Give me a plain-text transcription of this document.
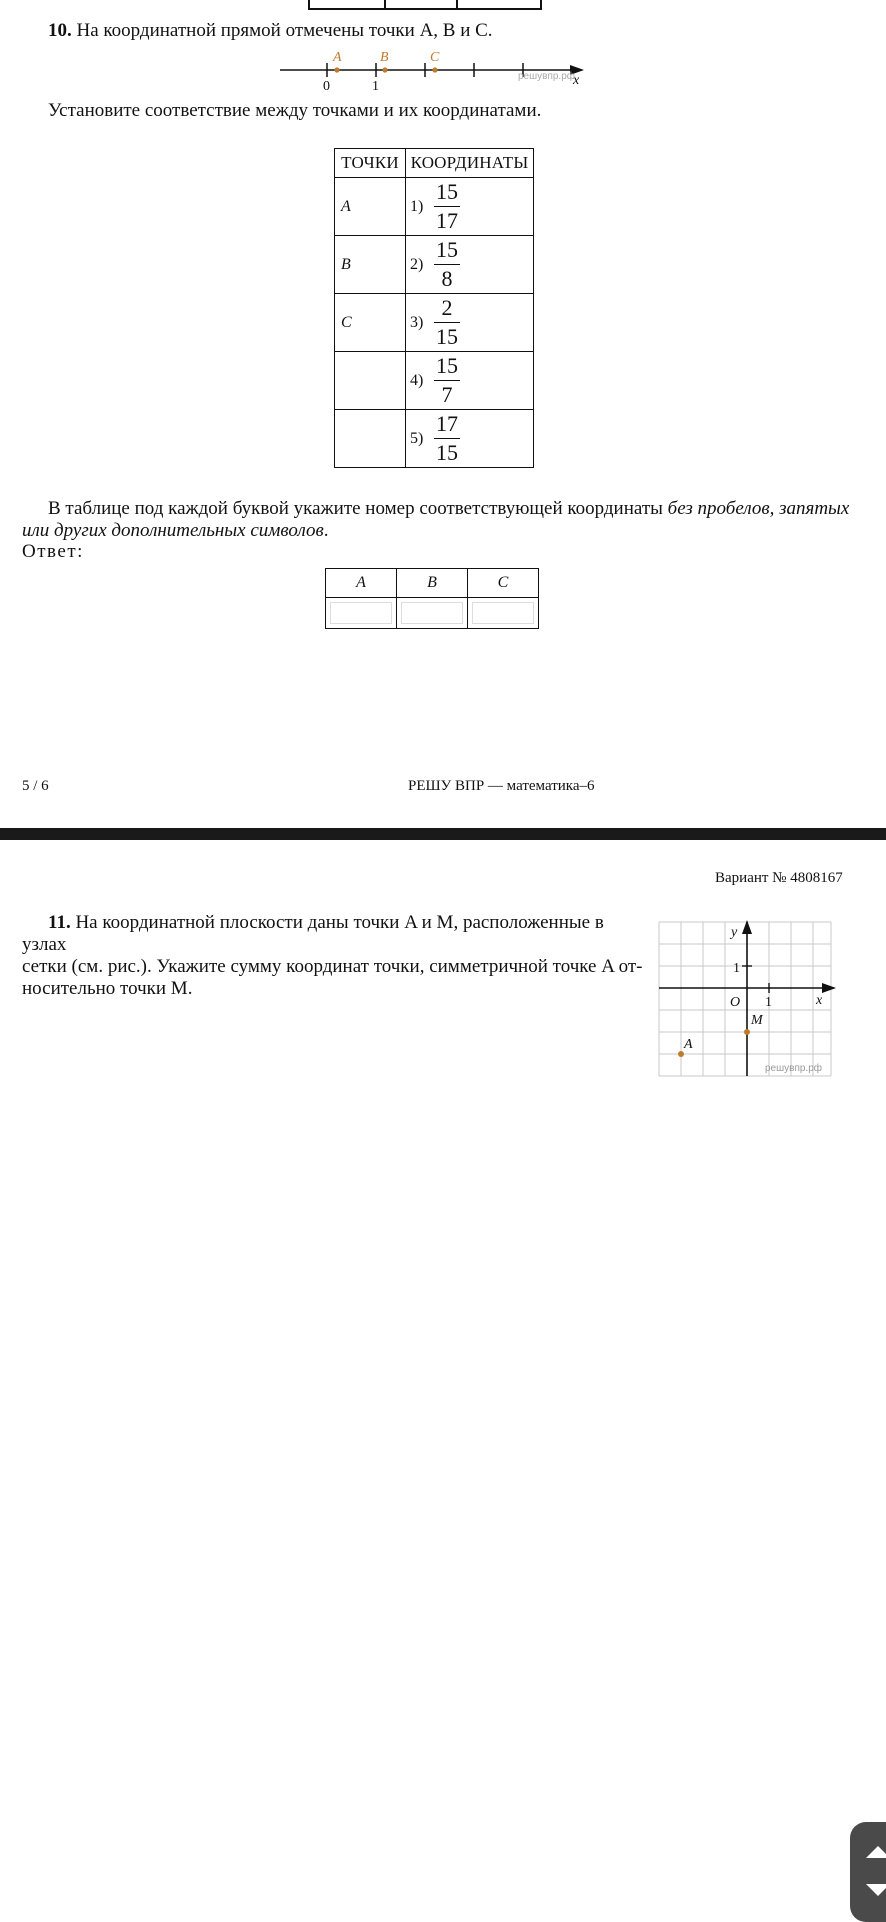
10. На координатной прямой отмечены точки A, B и C.
A	B	C
0	1	x
решувпр.рф
Установите соответствие между точками и их координатами.
ТОЧКИ	КООРДИНАТЫ

A	$1) \frac{15}{17}$

B	$2) \frac{15}{8}$

C	$3) \frac{2}{15}$

	$4) \frac{15}{7}$

	$5) \frac{17}{15}$
В таблице под каждой буквой укажите номер соответствующей координаты без пробелов, запятых или других дополнительных символов.
Ответ:
A	B	C

5 / 6	РЕШУ ВПР — математика–6
Вариант № 4808167
11. На координатной плоскости даны точки A и M, расположенные в узлах
сетки (см. рис.). Укажите сумму координат точки, симметричной точке A от-
носительно точки M.
y
1
O 1	x
M
A
решувпр.рф
